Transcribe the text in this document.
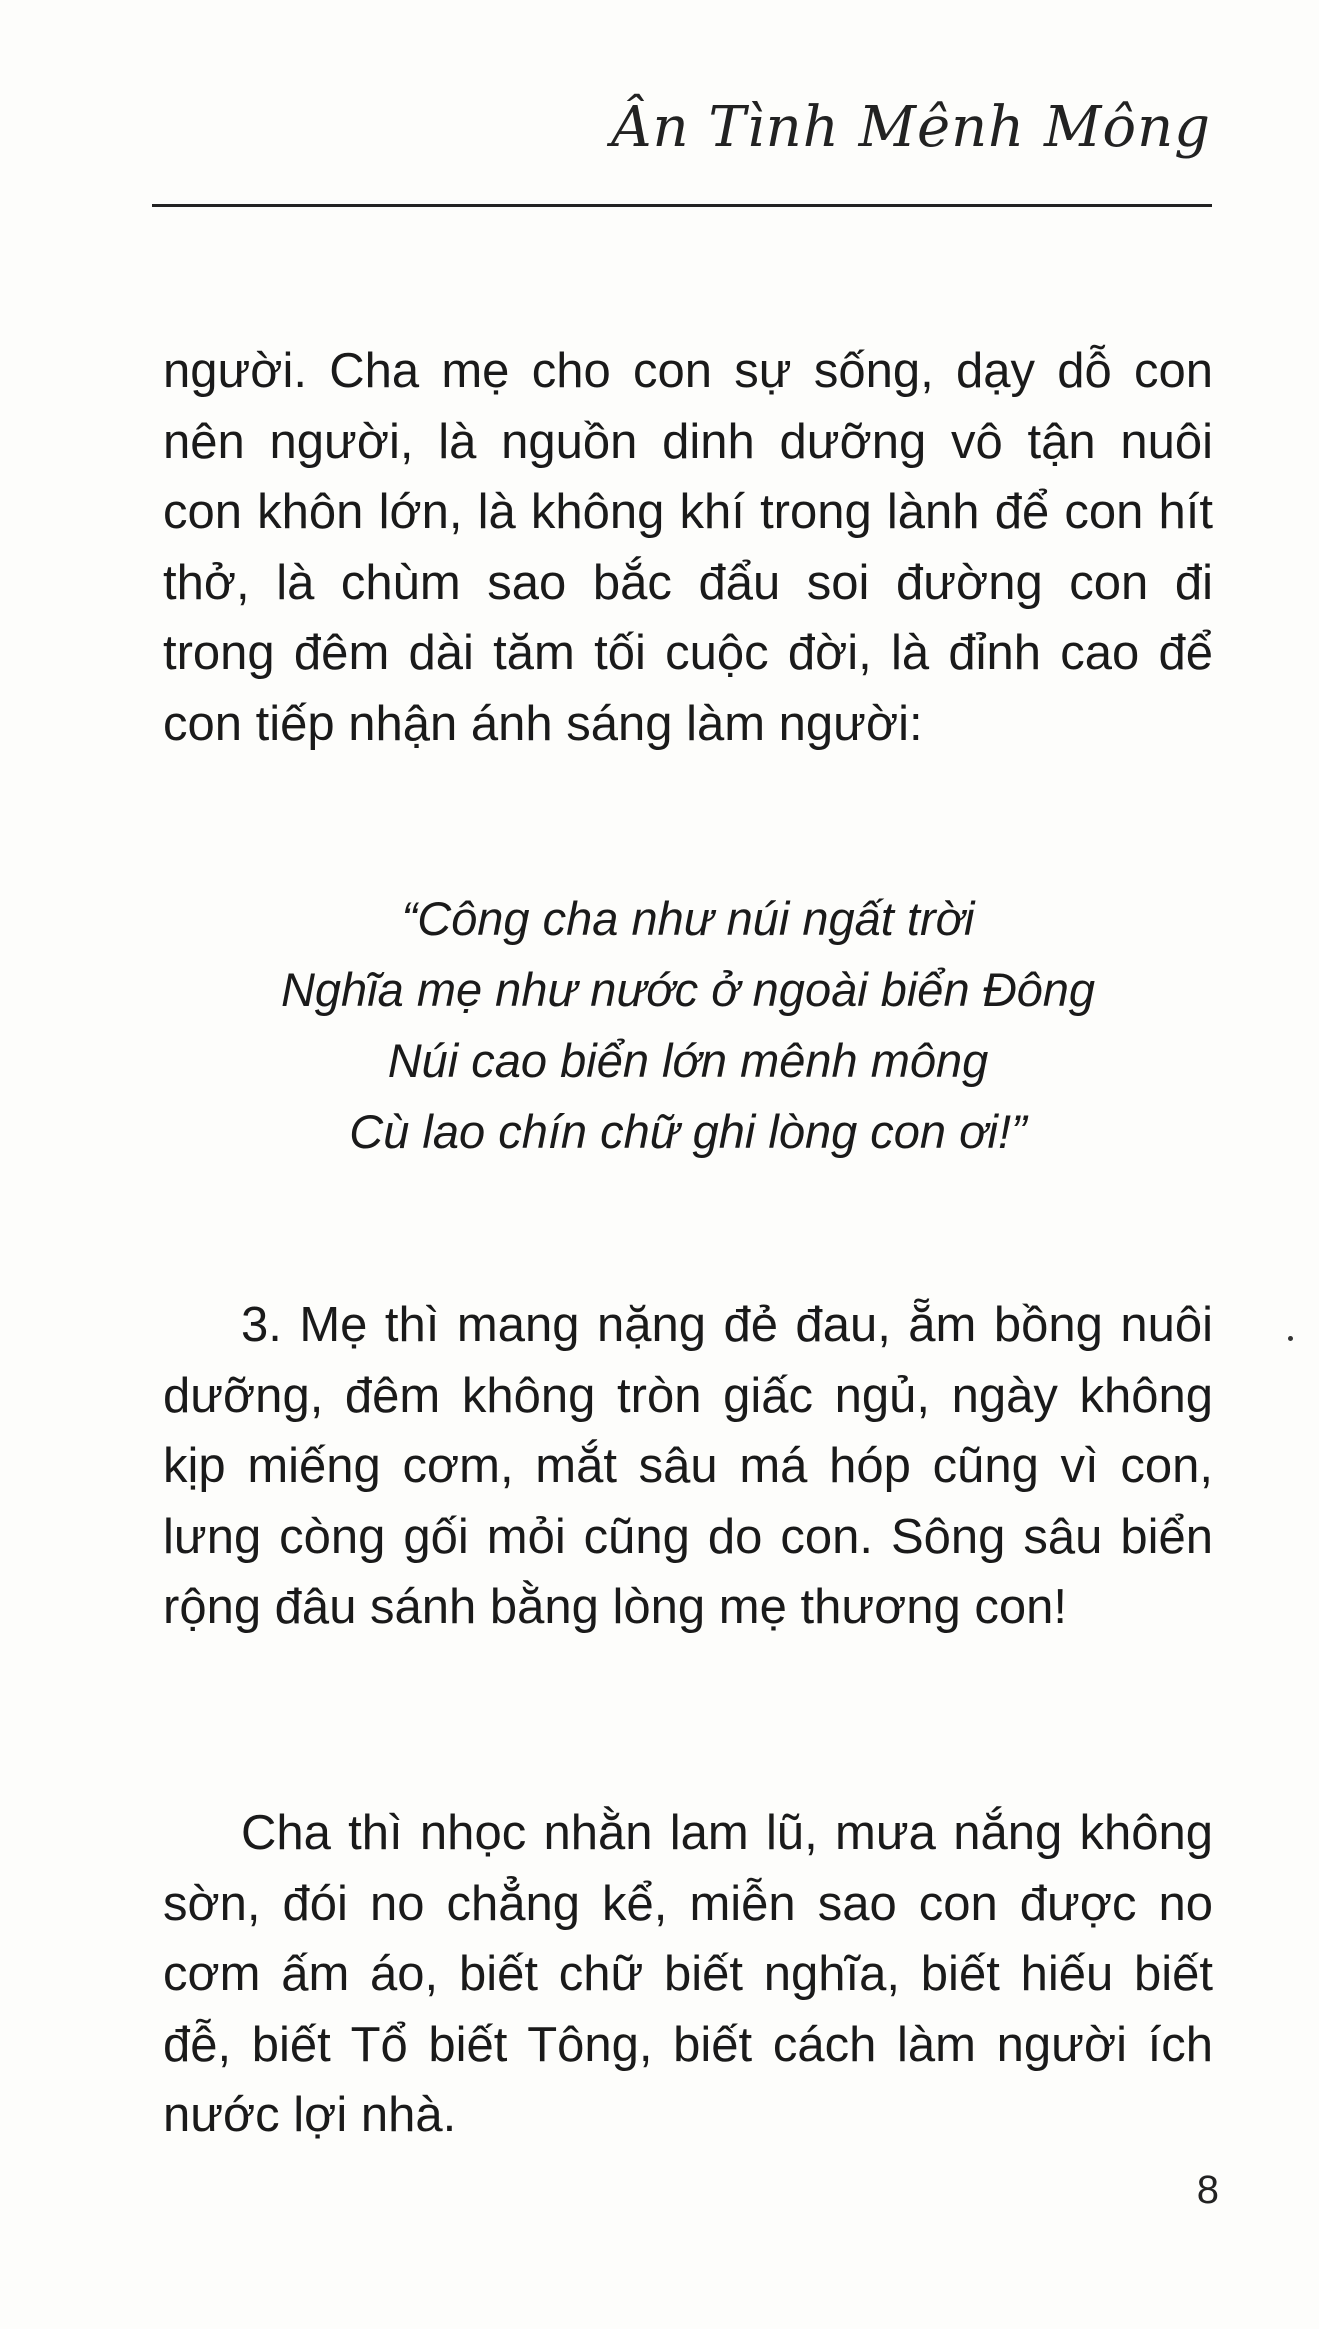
Ân Tình Mênh Mông

người. Cha mẹ cho con sự sống, dạy dỗ con nên người, là nguồn dinh dưỡng vô tận nuôi con khôn lớn, là không khí trong lành để con hít thở, là chùm sao bắc đẩu soi đường con đi trong đêm dài tăm tối cuộc đời, là đỉnh cao để con tiếp nhận ánh sáng làm người:

“Công cha như núi ngất trời
Nghĩa mẹ như nước ở ngoài biển Đông
Núi cao biển lớn mênh mông
Cù lao chín chữ ghi lòng con ơi!”

3. Mẹ thì mang nặng đẻ đau, ẵm bồng nuôi dưỡng, đêm không tròn giấc ngủ, ngày không kịp miếng cơm, mắt sâu má hóp cũng vì con, lưng còng gối mỏi cũng do con. Sông sâu biển rộng đâu sánh bằng lòng mẹ thương con!

Cha thì nhọc nhằn lam lũ, mưa nắng không sờn, đói no chẳng kể, miễn sao con được no cơm ấm áo, biết chữ biết nghĩa, biết hiếu biết đễ, biết Tổ biết Tông, biết cách làm người ích nước lợi nhà.

8
